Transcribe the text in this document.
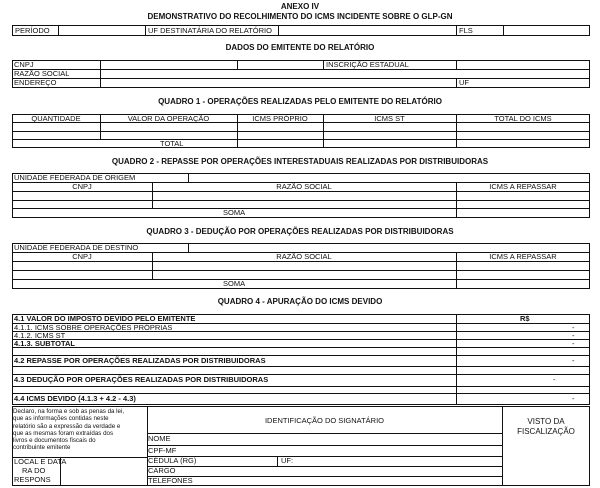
ANEXO IV
DEMONSTRATIVO DO RECOLHIMENTO DO ICMS INCIDENTE SOBRE O GLP-GN
PERÍODO	UF DESTINATÁRIA DO RELATÓRIO	FLS
DADOS DO EMITENTE DO RELATÓRIO
CNPJ	INSCRIÇÃO ESTADUAL
RAZÃO SOCIAL
ENDEREÇO	UF
QUADRO 1 - OPERAÇÕES REALIZADAS PELO EMITENTE DO RELATÓRIO
QUANTIDADE	VALOR DA OPERAÇÃO	ICMS PRÓPRIO	ICMS ST	TOTAL DO ICMS
TOTAL
QUADRO 2 - REPASSE POR OPERAÇÕES INTERESTADUAIS REALIZADAS POR DISTRIBUIDORAS
UNIDADE FEDERADA DE ORIGEM
CNPJ	RAZÃO SOCIAL	ICMS A REPASSAR
SOMA
QUADRO 3 - DEDUÇÃO POR OPERAÇÕES REALIZADAS POR DISTRIBUIDORAS
UNIDADE FEDERADA DE DESTINO
CNPJ	RAZÃO SOCIAL	ICMS A REPASSAR
SOMA
QUADRO 4 - APURAÇÃO DO ICMS DEVIDO
4.1 VALOR DO IMPOSTO DEVIDO PELO EMITENTE	R$
4.1.1. ICMS SOBRE OPERAÇÕES PRÓPRIAS	-
4.1.2. ICMS ST	-
4.1.3. SUBTOTAL	-
4.2 REPASSE POR OPERAÇÕES REALIZADAS POR DISTRIBUIDORAS	-
4.3 DEDUÇÃO POR OPERAÇÕES REALIZADAS POR DISTRIBUIDORAS	-
4.4 ICMS DEVIDO (4.1.3 + 4.2 - 4.3)	-
Declaro, na forma e sob as penas da lei,
que as informações contidas neste
relatório são a expressão da verdade e
que as mesmas foram extraídas dos
livros e documentos fiscais do
contribuinte emitente
LOCAL E DATA
RA DO
RESPONS
IDENTIFICAÇÃO DO SIGNATÁRIO
NOME
CPF-MF
CÉDULA (RG)	UF:
CARGO
TELEFONES
VISTO DA
FISCALIZAÇÃO
